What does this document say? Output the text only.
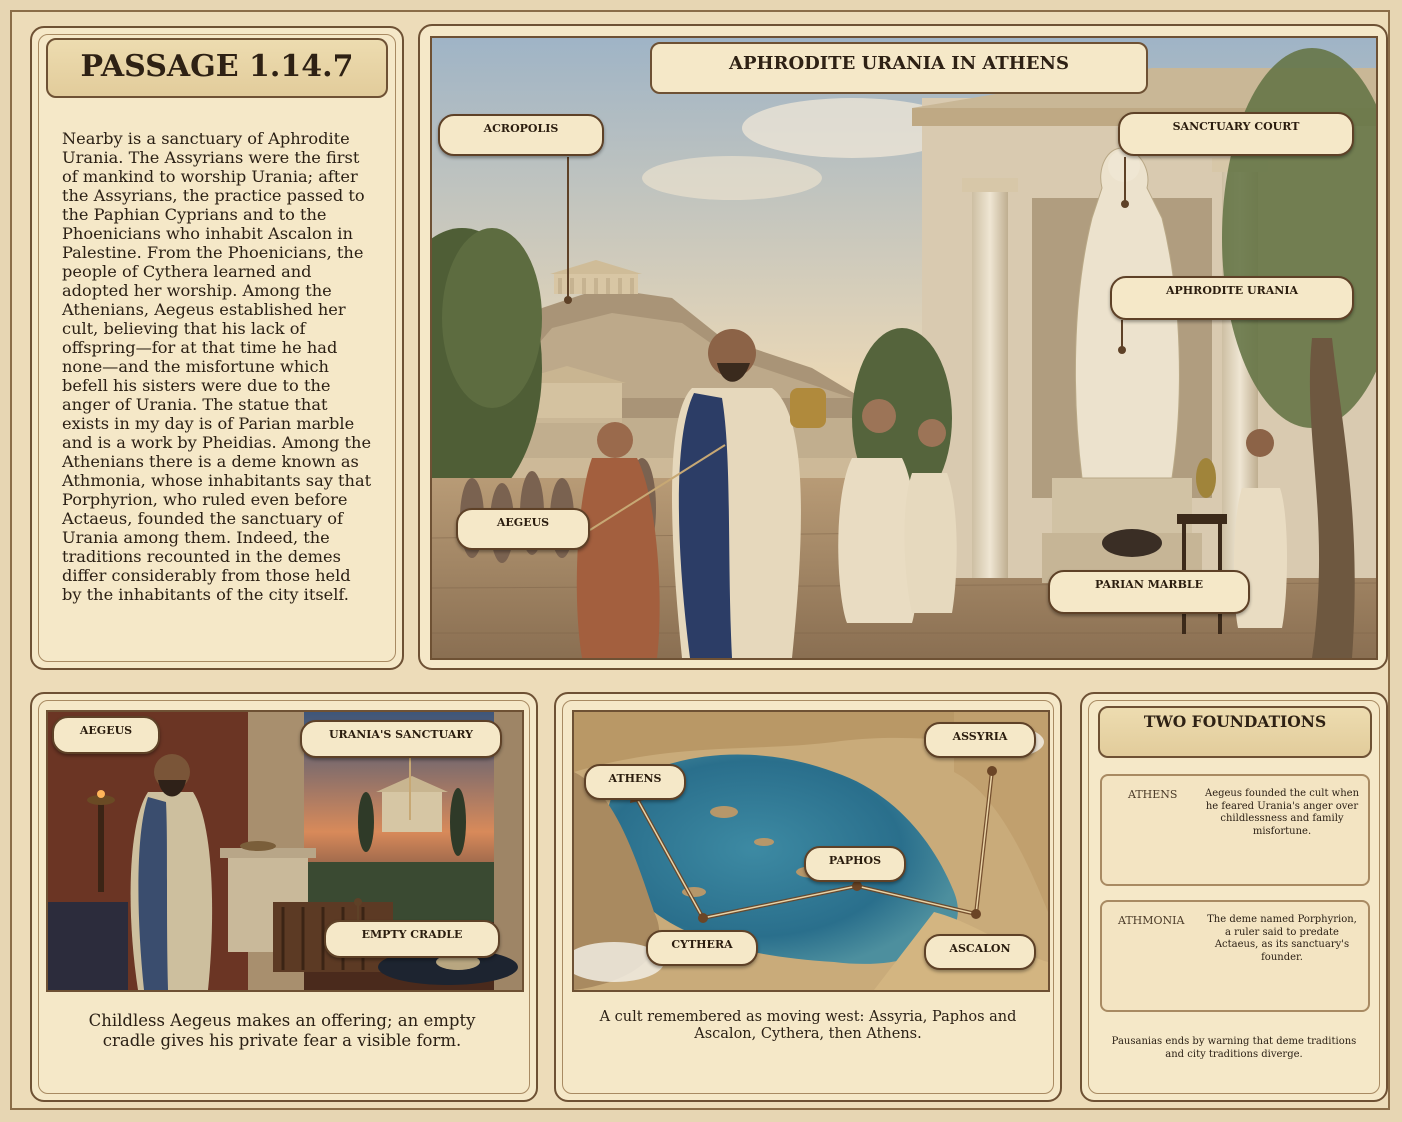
PASSAGE 1.14.7
Nearby is a sanctuary of Aphrodite Urania. The Assyrians were the first of mankind to worship Urania; after the Assyrians, the practice passed to the Paphian Cyprians and to the Phoenicians who inhabit Ascalon in Palestine. From the Phoenicians, the people of Cythera learned and adopted her worship. Among the Athenians, Aegeus established her cult, believing that his lack of offspring—for at that time he had none—and the misfortune which befell his sisters were due to the anger of Urania. The statue that exists in my day is of Parian marble and is a work by Pheidias. Among the Athenians there is a deme known as Athmonia, whose inhabitants say that Porphyrion, who ruled even before Actaeus, founded the sanctuary of Urania among them. Indeed, the traditions recounted in the demes differ considerably from those held by the inhabitants of the city itself.
APHRODITE URANIA IN ATHENS
ACROPOLIS	SANCTUARY COURT
APHRODITE URANIA
AEGEUS
PARIAN MARBLE
AEGEUS	URANIA'S SANCTUARY
EMPTY CRADLE
Childless Aegeus makes an offering; an empty cradle gives his private fear a visible form.
ATHENS
ASSYRIA
PAPHOS
CYTHERA	ASCALON
A cult remembered as moving west: Assyria, Paphos and Ascalon, Cythera, then Athens.
TWO FOUNDATIONS
ATHENS	Aegeus founded the cult when he feared Urania's anger over childlessness and family misfortune.
ATHMONIA	The deme named Porphyrion, a ruler said to predate Actaeus, as its sanctuary's founder.
Pausanias ends by warning that deme traditions and city traditions diverge.
